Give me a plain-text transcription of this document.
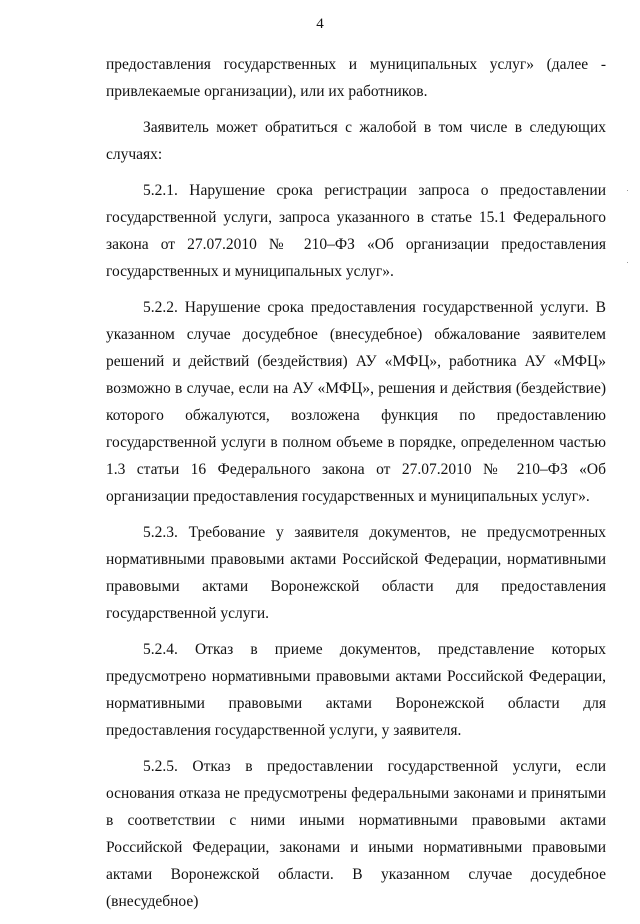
4

предоставления государственных и муниципальных услуг» (далее - привлекаемые организации), или их работников.

Заявитель может обратиться с жалобой в том числе в следующих случаях:

5.2.1. Нарушение срока регистрации запроса о предоставлении государственной услуги, запроса указанного в статье 15.1 Федерального закона от 27.07.2010 № 210–ФЗ «Об организации предоставления государственных и муниципальных услуг».

5.2.2. Нарушение срока предоставления государственной услуги. В указанном случае досудебное (внесудебное) обжалование заявителем решений и действий (бездействия) АУ «МФЦ», работника АУ «МФЦ» возможно в случае, если на АУ «МФЦ», решения и действия (бездействие) которого обжалуются, возложена функция по предоставлению государственной услуги в полном объеме в порядке, определенном частью 1.3 статьи 16 Федерального закона от 27.07.2010 № 210–ФЗ «Об организации предоставления государственных и муниципальных услуг».

5.2.3. Требование у заявителя документов, не предусмотренных нормативными правовыми актами Российской Федерации, нормативными правовыми актами Воронежской области для предоставления государственной услуги.

5.2.4. Отказ в приеме документов, представление которых предусмотрено нормативными правовыми актами Российской Федерации, нормативными правовыми актами Воронежской области для предоставления государственной услуги, у заявителя.

5.2.5. Отказ в предоставлении государственной услуги, если основания отказа не предусмотрены федеральными законами и принятыми в соответствии с ними иными нормативными правовыми актами Российской Федерации, законами и иными нормативными правовыми актами Воронежской области. В указанном случае досудебное (внесудебное)
